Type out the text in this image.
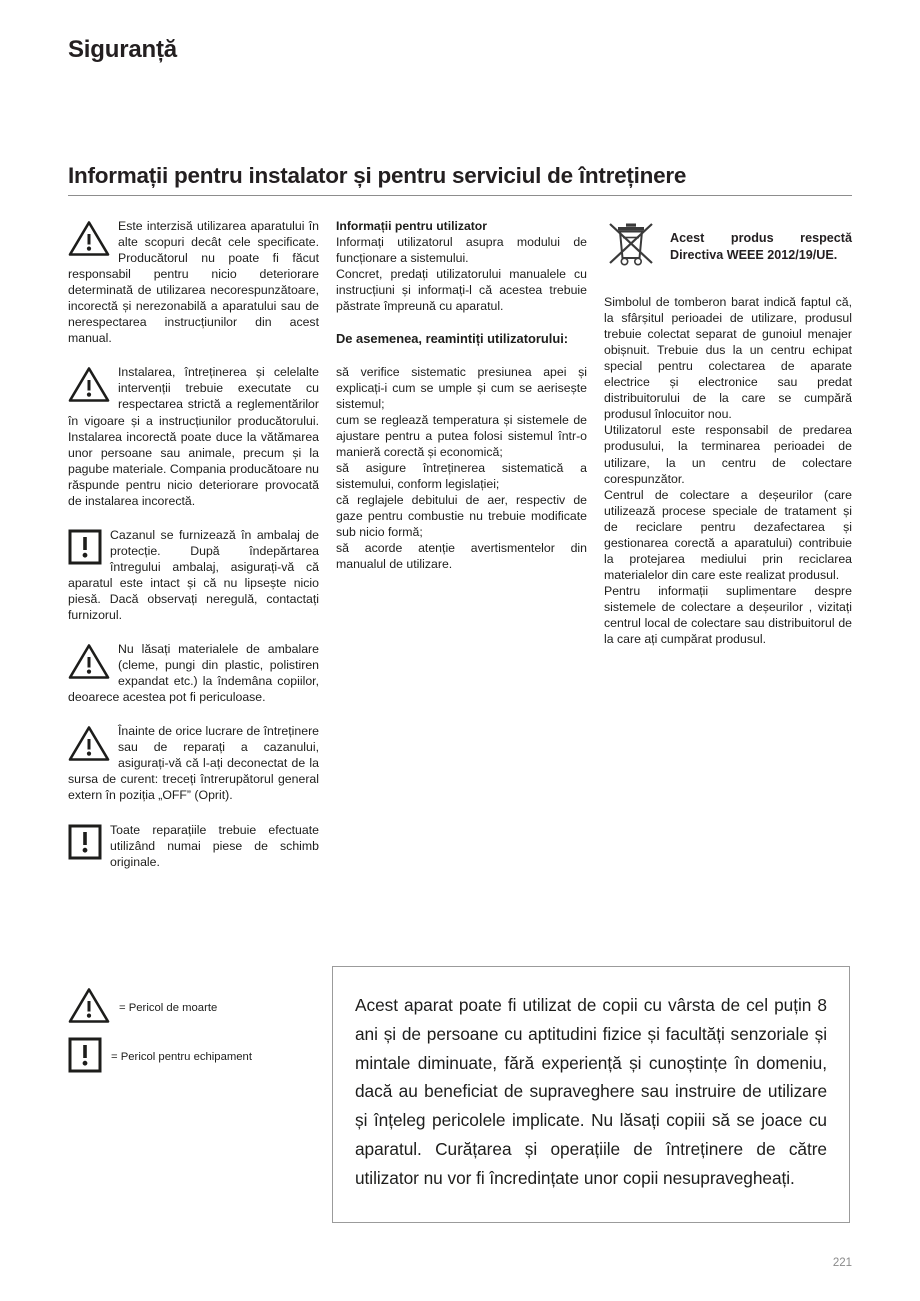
Siguranță
Informații pentru instalator și pentru serviciul de întreținere
Este interzisă utilizarea aparatului în alte scopuri decât cele specificate. Producătorul nu poate fi făcut responsabil pentru nicio deteriorare determinată de utilizarea necorespunzătoare, incorectă și nerezonabilă a aparatului sau de nerespectarea instrucțiunilor din acest manual.
Instalarea, întreținerea și celelalte intervenții trebuie executate cu respectarea strictă a reglementărilor în vigoare și a instrucțiunilor producătorului. Instalarea incorectă poate duce la vătămarea unor persoane sau animale, precum și la pagube materiale. Compania producătoare nu răspunde pentru nicio deteriorare provocată de instalarea incorectă.
Cazanul se furnizează în ambalaj de protecție. După îndepărtarea întregului ambalaj, asigurați-vă că aparatul este intact și că nu lipsește nicio piesă. Dacă observați neregulă, contactați furnizorul.
Nu lăsați materialele de ambalare (cleme, pungi din plastic, polistiren expandat etc.) la îndemâna copiilor, deoarece acestea pot fi periculoase.
Înainte de orice lucrare de întreținere sau de reparați a cazanului, asigurați-vă că l-ați deconectat de la sursa de curent: treceți întrerupătorul general extern în poziția „OFF” (Oprit).
Toate reparațiile trebuie efectuate utilizând numai piese de schimb originale.
= Pericol de moarte
= Pericol pentru echipament
Informații pentru utilizator
Informați utilizatorul asupra modului de funcționare a sistemului.
Concret, predați utilizatorului manualele cu instrucțiuni și informați-l că acestea trebuie păstrate împreună cu aparatul.
De asemenea, reamintiți utilizatorului:
să verifice sistematic presiunea apei și explicați-i cum se umple și cum se aerisește sistemul;
cum se reglează temperatura și sistemele de ajustare pentru a putea folosi sistemul într-o manieră corectă și economică;
să asigure întreținerea sistematică a sistemului, conform legislației;
că reglajele debitului de aer, respectiv de gaze pentru combustie nu trebuie modificate sub nicio formă;
să acorde atenție avertismentelor din manualul de utilizare.
Acest produs respectă Directiva WEEE 2012/19/UE.
Simbolul de tomberon barat indică faptul că, la sfârșitul perioadei de utilizare, produsul trebuie colectat separat de gunoiul menajer obișnuit. Trebuie dus la un centru echipat special pentru colectarea de aparate electrice și electronice sau predat distribuitorului de la care se cumpără produsul înlocuitor nou.
Utilizatorul este responsabil de predarea produsului, la terminarea perioadei de utilizare, la un centru de colectare corespunzător.
Centrul de colectare a deșeurilor (care utilizează procese speciale de tratament și de reciclare pentru dezafectarea și gestionarea corectă a aparatului) contribuie la protejarea mediului prin reciclarea materialelor din care este realizat produsul.
Pentru informații suplimentare despre sistemele de colectare a deșeurilor , vizitați centrul local de colectare sau distribuitorul de la care ați cumpărat produsul.
Acest aparat poate fi utilizat de copii cu vârsta de cel puțin 8 ani și de persoane cu aptitudini fizice și facultăți senzoriale și mintale diminuate, fără experiență și cunoștințe în domeniu, dacă au beneficiat de supraveghere sau instruire de utilizare și înțeleg pericolele implicate. Nu lăsați copiii să se joace cu aparatul. Curățarea și operațiile de întreținere de către utilizator nu vor fi încredințate unor copii nesupravegheați.
221
